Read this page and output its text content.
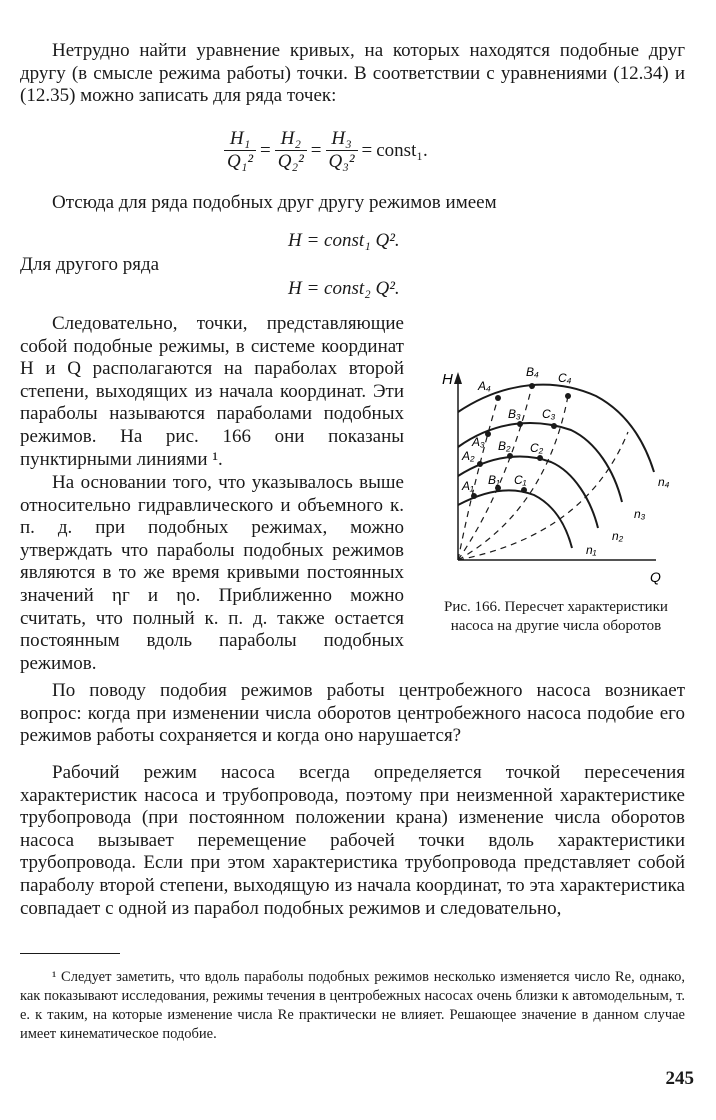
Нетрудно найти уравнение кривых, на которых находятся подобные друг другу (в смысле режима работы) точки. В соответствии с уравнениями (12.34) и (12.35) можно записать для ряда точек:

$\frac{\text{H₁}}{\text{Q₁²}} = \frac{\text{H₂}}{\text{Q₂²}} = \frac{\text{H₃}}{\text{Q₃²}}$ = const₁.

Отсюда для ряда подобных друг другу режимов имеем

H = const₁ Q².

Для другого ряда

H = const₂ Q².

Следовательно, точки, представляющие собой подобные режимы, в системе координат H и Q располагаются на параболах второй степени, выходящих из начала координат. Эти параболы называются параболами подобных режимов. На рис. 166 они показаны пунктирными линиями ¹.

На основании того, что указывалось выше относительно гидравлического и объемного к. п. д. при подобных режимах, можно утверждать что параболы подобных режимов являются в то же время кривыми постоянных значений ηг и ηо. Приближенно можно считать, что полный к. п. д. также остается постоянным вдоль параболы подобных режимов.

H
Q
A₄
B₄ C₄
A₃
B₃ C₃
A₂
B₂ C₂
A₁ B₁ C₁	n₄
n₃
n₂
n₁

Рис. 166. Пересчет характеристики насоса на другие числа оборотов

По поводу подобия режимов работы центробежного насоса возникает вопрос: когда при изменении числа оборотов центробежного насоса подобие его режимов работы сохраняется и когда оно нарушается?

Рабочий режим насоса всегда определяется точкой пересечения характеристик насоса и трубопровода, поэтому при неизменной характеристике трубопровода (при постоянном положении крана) изменение числа оборотов насоса вызывает перемещение рабочей точки вдоль характеристики трубопровода. Если при этом характеристика трубопровода представляет собой параболу второй степени, выходящую из начала координат, то эта характеристика совпадает с одной из парабол подобных режимов и следовательно,

¹ Следует заметить, что вдоль параболы подобных режимов несколько изменяется число Re, однако, как показывают исследования, режимы течения в центробежных насосах очень близки к автомодельным, т. е. к таким, на которые изменение числа Re практически не влияет. Решающее значение в данном случае имеет кинематическое подобие.

245
